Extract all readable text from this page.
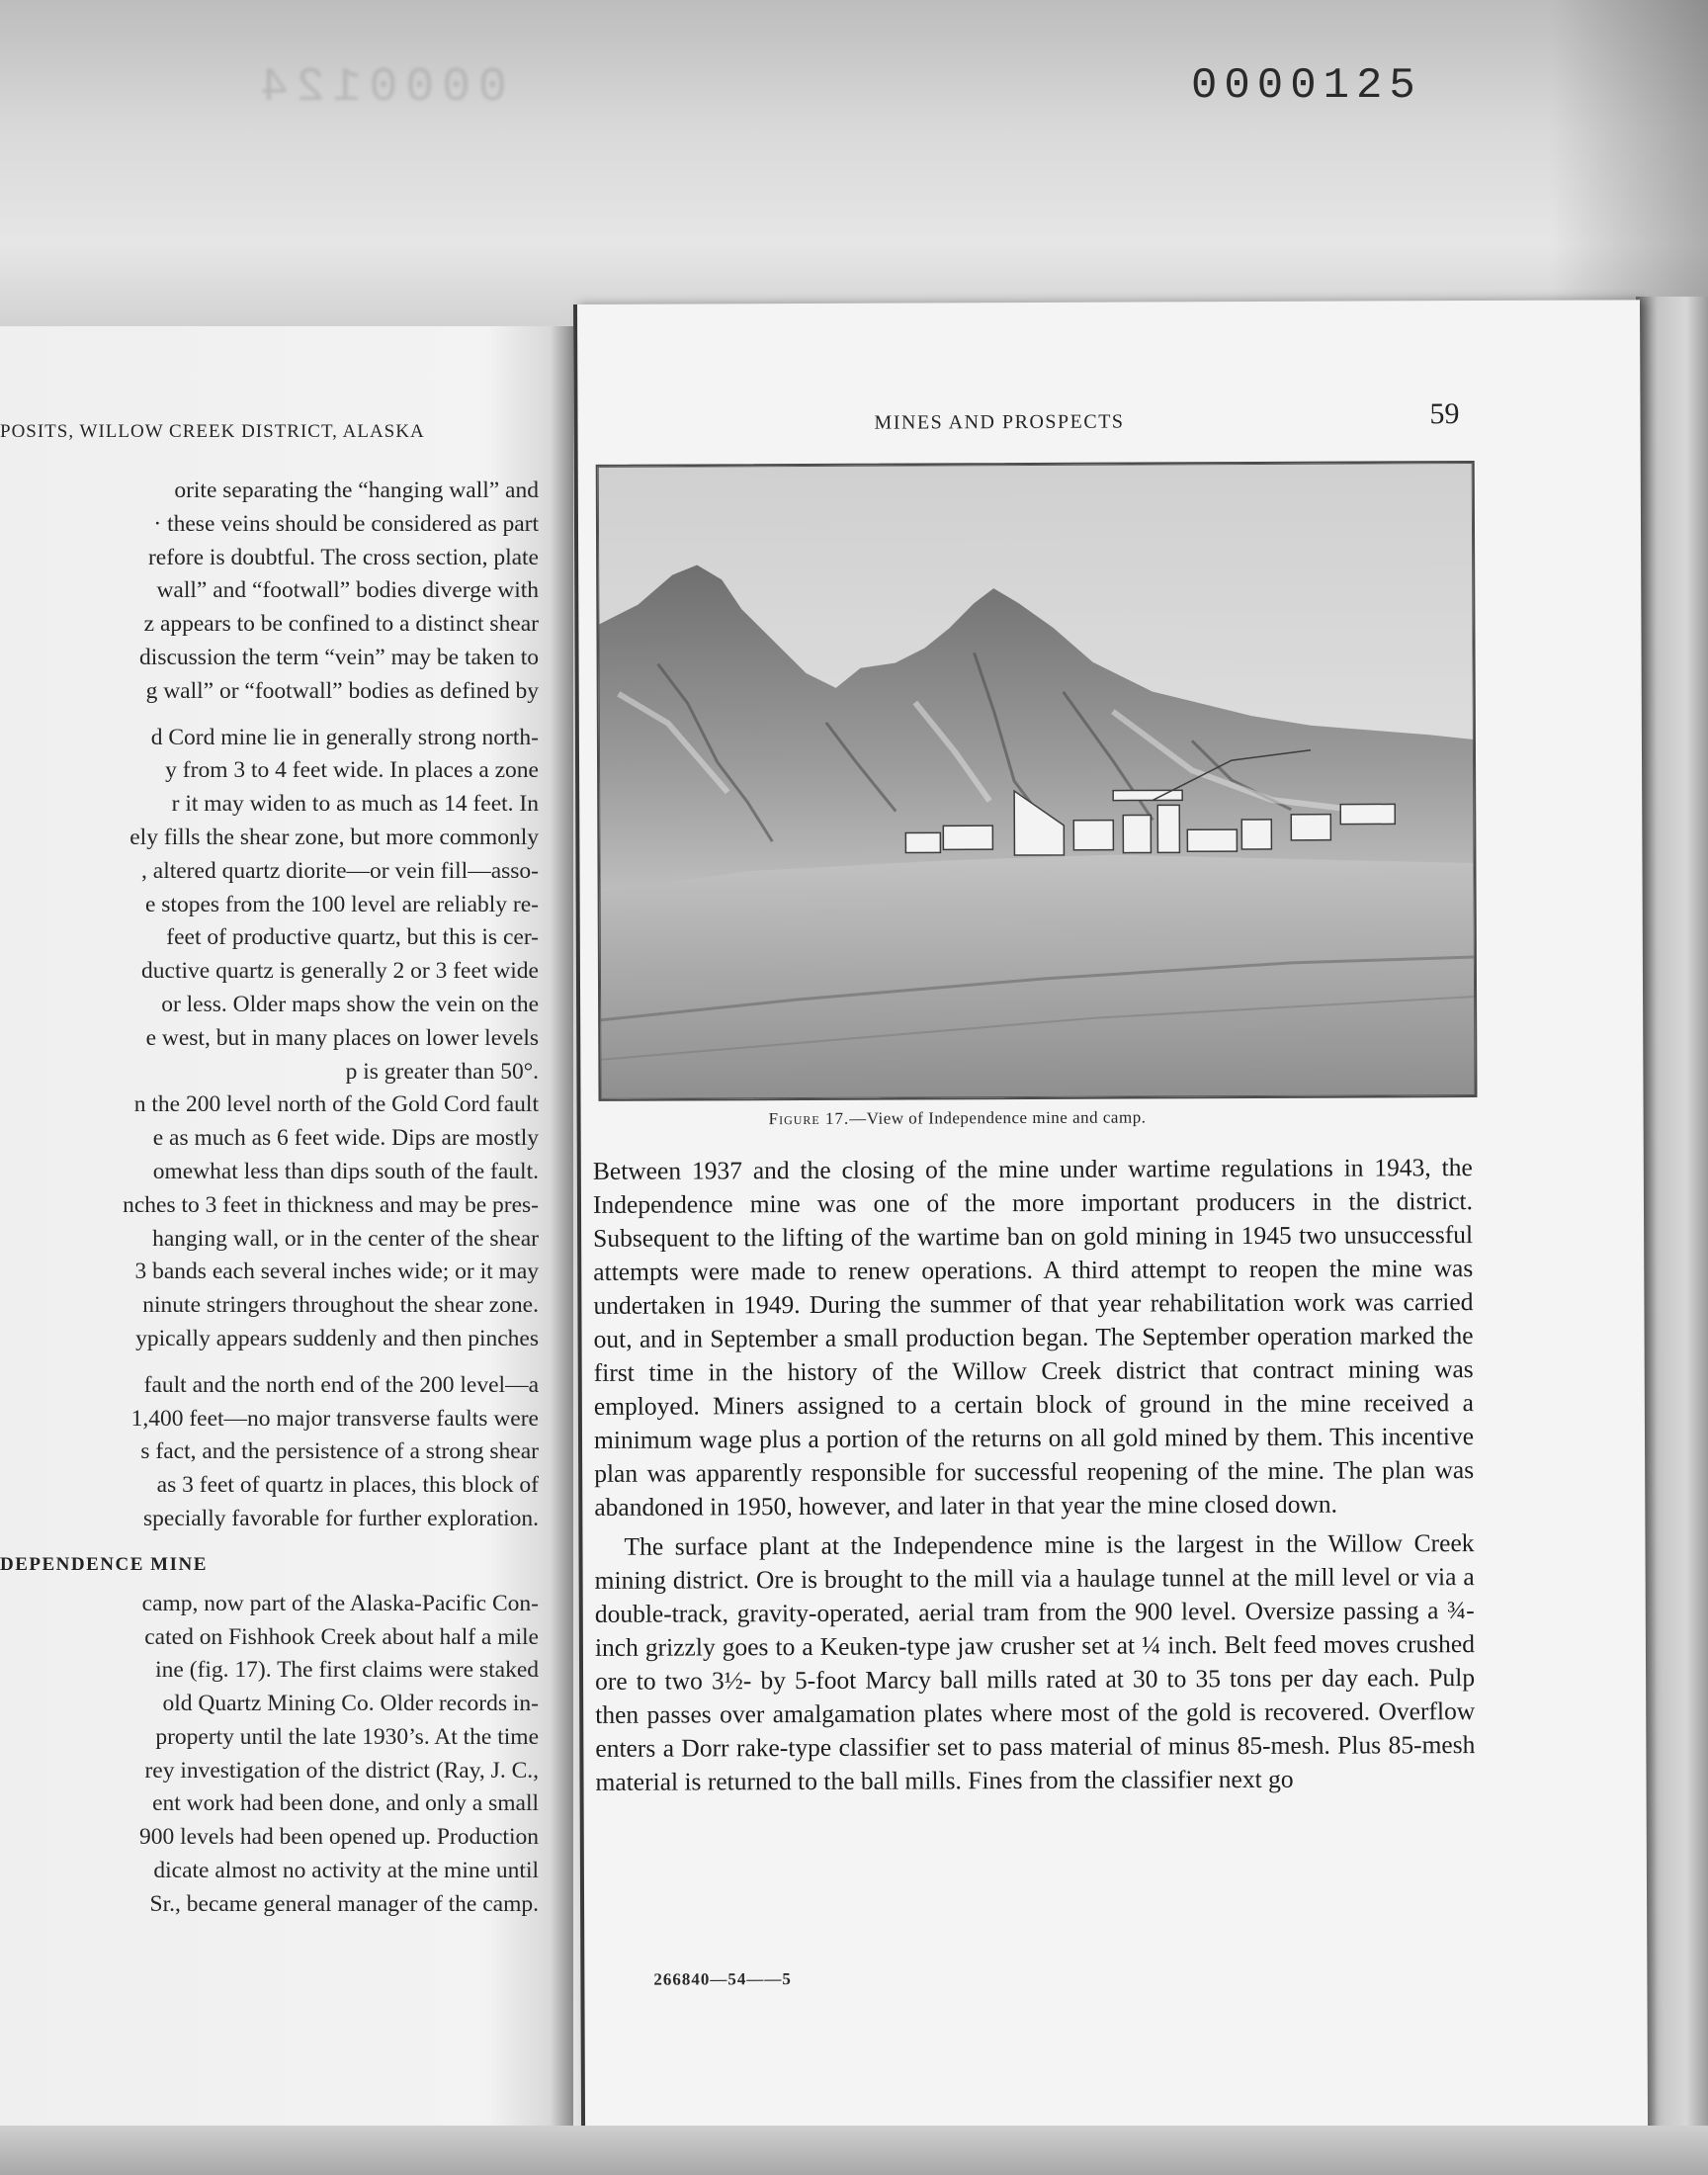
0000124	0000125
POSITS, WILLOW CREEK DISTRICT, ALASKA
orite separating the “hanging wall” and
· these veins should be considered as part
refore is doubtful. The cross section, plate
wall” and “footwall” bodies diverge with
z appears to be confined to a distinct shear
discussion the term “vein” may be taken to
g wall” or “footwall” bodies as defined by
d Cord mine lie in generally strong north-
y from 3 to 4 feet wide. In places a zone
r it may widen to as much as 14 feet. In
ely fills the shear zone, but more commonly
, altered quartz diorite—or vein fill—asso-
e stopes from the 100 level are reliably re-
feet of productive quartz, but this is cer-
ductive quartz is generally 2 or 3 feet wide
or less. Older maps show the vein on the
e west, but in many places on lower levels
p is greater than 50°.
n the 200 level north of the Gold Cord fault
e as much as 6 feet wide. Dips are mostly
omewhat less than dips south of the fault.
nches to 3 feet in thickness and may be pres-
hanging wall, or in the center of the shear
3 bands each several inches wide; or it may
ninute stringers throughout the shear zone.
ypically appears suddenly and then pinches
fault and the north end of the 200 level—a
1,400 feet—no major transverse faults were
s fact, and the persistence of a strong shear
as 3 feet of quartz in places, this block of
specially favorable for further exploration.
DEPENDENCE MINE
camp, now part of the Alaska-Pacific Con-
cated on Fishhook Creek about half a mile
ine (fig. 17). The first claims were staked
old Quartz Mining Co. Older records in-
property until the late 1930’s. At the time
rey investigation of the district (Ray, J. C.,
ent work had been done, and only a small
900 levels had been opened up. Production
dicate almost no activity at the mine until
Sr., became general manager of the camp.
MINES AND PROSPECTS	59
Figure 17.—View of Independence mine and camp.

Between 1937 and the closing of the mine under wartime regulations in 1943, the Independence mine was one of the more important producers in the district. Subsequent to the lifting of the wartime ban on gold mining in 1945 two unsuccessful attempts were made to renew operations. A third attempt to reopen the mine was undertaken in 1949. During the summer of that year rehabilitation work was carried out, and in September a small production began. The September operation marked the first time in the history of the Willow Creek district that contract mining was employed. Miners assigned to a certain block of ground in the mine received a minimum wage plus a portion of the returns on all gold mined by them. This incentive plan was apparently responsible for successful reopening of the mine. The plan was abandoned in 1950, however, and later in that year the mine closed down.

The surface plant at the Independence mine is the largest in the Willow Creek mining district. Ore is brought to the mill via a haulage tunnel at the mill level or via a double-track, gravity-operated, aerial tram from the 900 level. Oversize passing a ¾-inch grizzly goes to a Keuken-type jaw crusher set at ¼ inch. Belt feed moves crushed ore to two 3½- by 5-foot Marcy ball mills rated at 30 to 35 tons per day each. Pulp then passes over amalgamation plates where most of the gold is recovered. Overflow enters a Dorr rake-type classifier set to pass material of minus 85-mesh. Plus 85-mesh material is returned to the ball mills. Fines from the classifier next go

266840—54——5
